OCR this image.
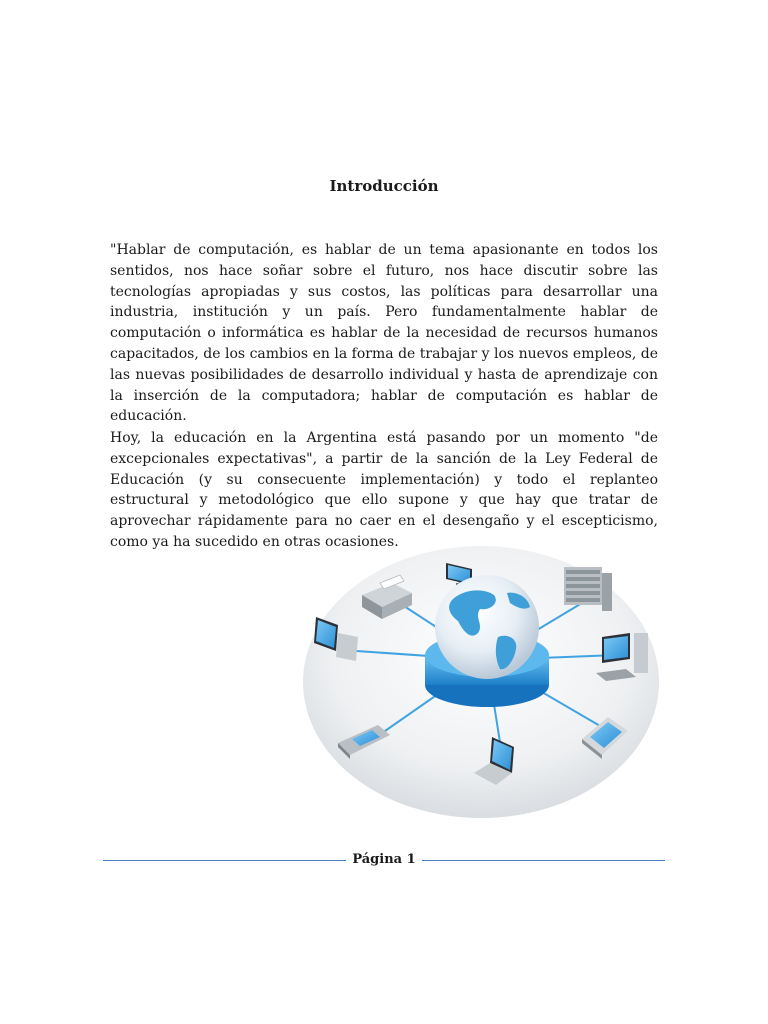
Introducción
"Hablar de computación, es hablar de un tema apasionante en todos los sentidos, nos hace soñar sobre el futuro, nos hace discutir sobre las tecnologías apropiadas y sus costos, las políticas para desarrollar una industria, institución y un país. Pero fundamentalmente hablar de computación o informática es hablar de la necesidad de recursos humanos capacitados, de los cambios en la forma de trabajar y los nuevos empleos, de las nuevas posibilidades de desarrollo individual y hasta de aprendizaje con la inserción de la computadora; hablar de computación es hablar de educación.
Hoy, la educación en la Argentina está pasando por un momento "de excepcionales expectativas", a partir de la sanción de la Ley Federal de Educación (y su consecuente implementación) y todo el replanteo estructural y metodológico que ello supone y que hay que tratar de aprovechar rápidamente para no caer en el desengaño y el escepticismo, como ya ha sucedido en otras ocasiones.
Página 1
